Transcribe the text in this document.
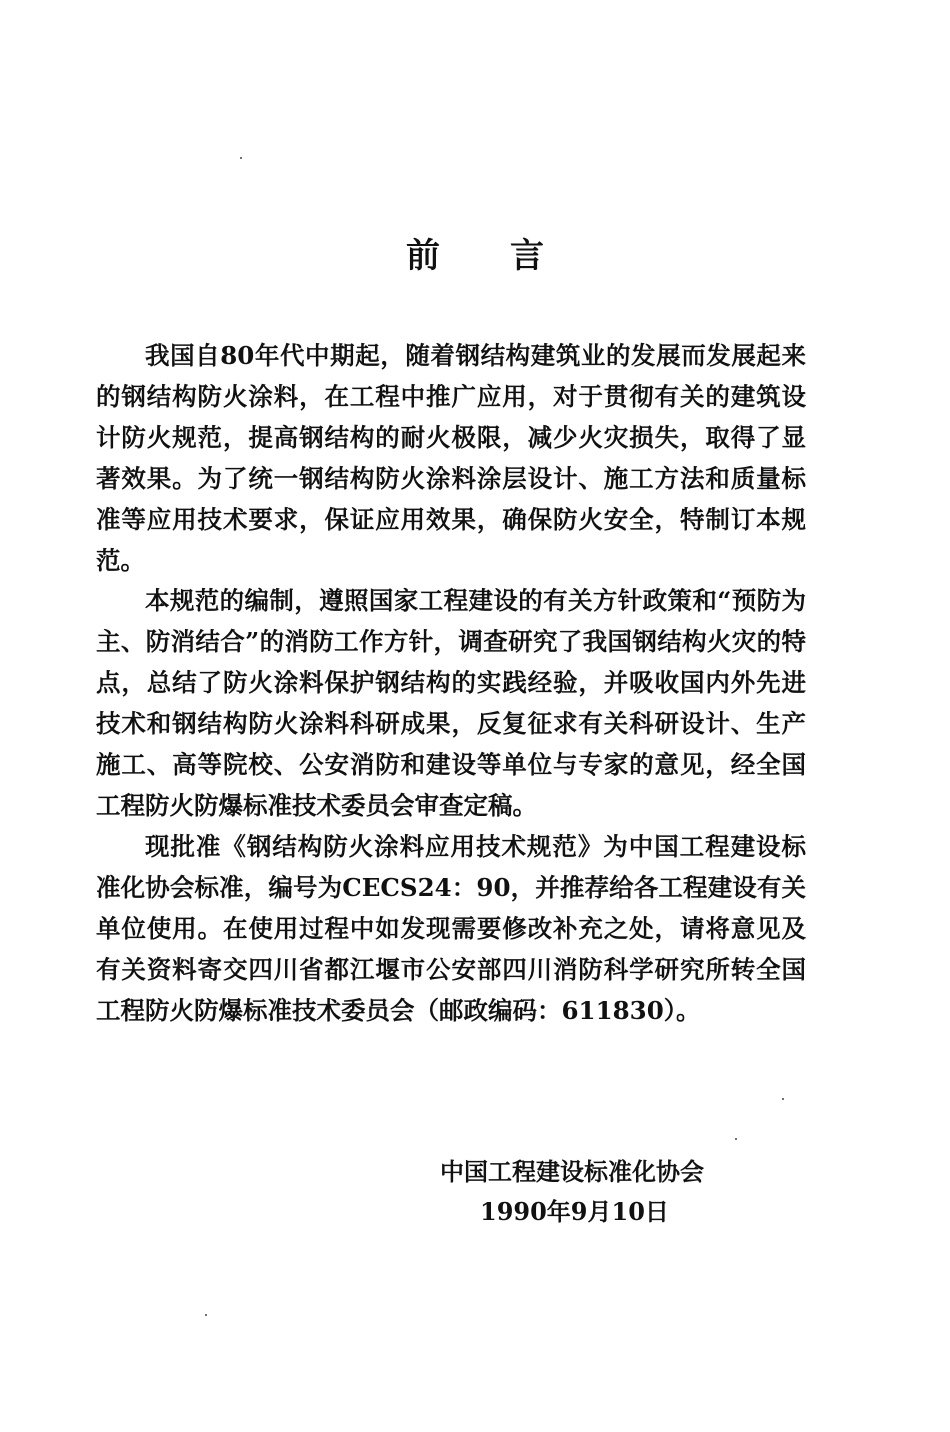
前 言

我国自80年代中期起，随着钢结构建筑业的发展而发展起来的钢结构防火涂料，在工程中推广应用，对于贯彻有关的建筑设计防火规范，提高钢结构的耐火极限，减少火灾损失，取得了显著效果。为了统一钢结构防火涂料涂层设计、施工方法和质量标准等应用技术要求，保证应用效果，确保防火安全，特制订本规范。

本规范的编制，遵照国家工程建设的有关方针政策和“预防为主、防消结合”的消防工作方针，调查研究了我国钢结构火灾的特点，总结了防火涂料保护钢结构的实践经验，并吸收国内外先进技术和钢结构防火涂料科研成果，反复征求有关科研设计、生产施工、高等院校、公安消防和建设等单位与专家的意见，经全国工程防火防爆标准技术委员会审查定稿。

现批准《钢结构防火涂料应用技术规范》为中国工程建设标准化协会标准，编号为CECS24：90，并推荐给各工程建设有关单位使用。在使用过程中如发现需要修改补充之处，请将意见及有关资料寄交四川省都江堰市公安部四川消防科学研究所转全国工程防火防爆标准技术委员会（邮政编码：611830）。

中国工程建设标准化协会
1990年9月10日
